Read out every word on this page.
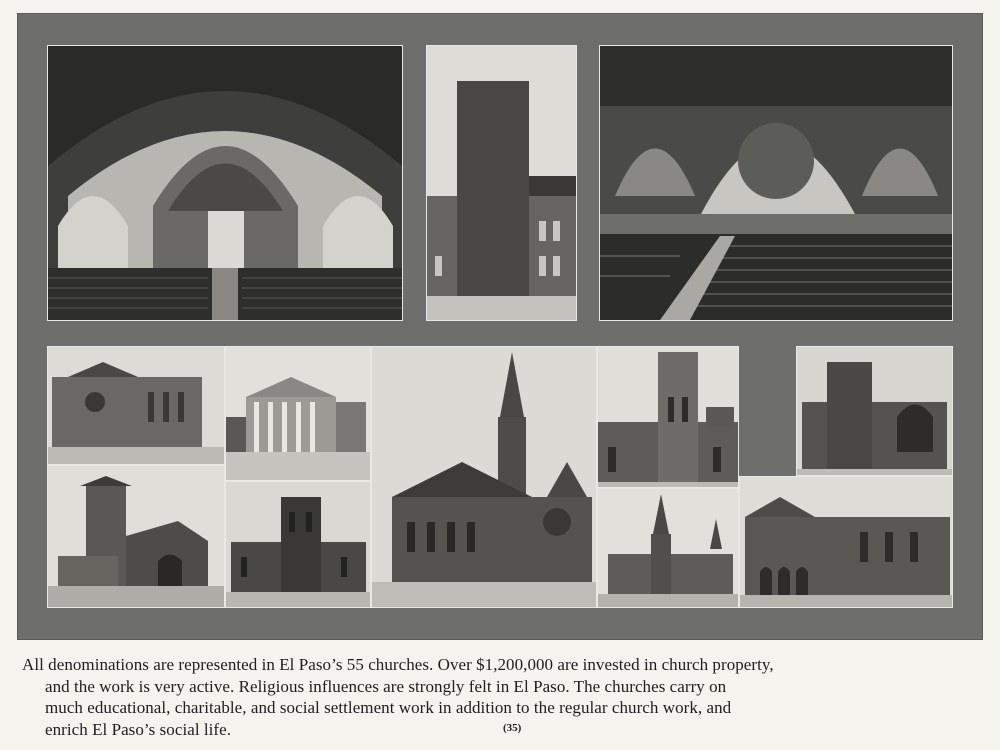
All denominations are represented in El Paso’s 55 churches. Over $1,200,000 are invested in church property,
and the work is very active. Religious influences are strongly felt in El Paso. The churches carry on
much educational, charitable, and social settlement work in addition to the regular church work, and
enrich El Paso’s social life.	(35)
